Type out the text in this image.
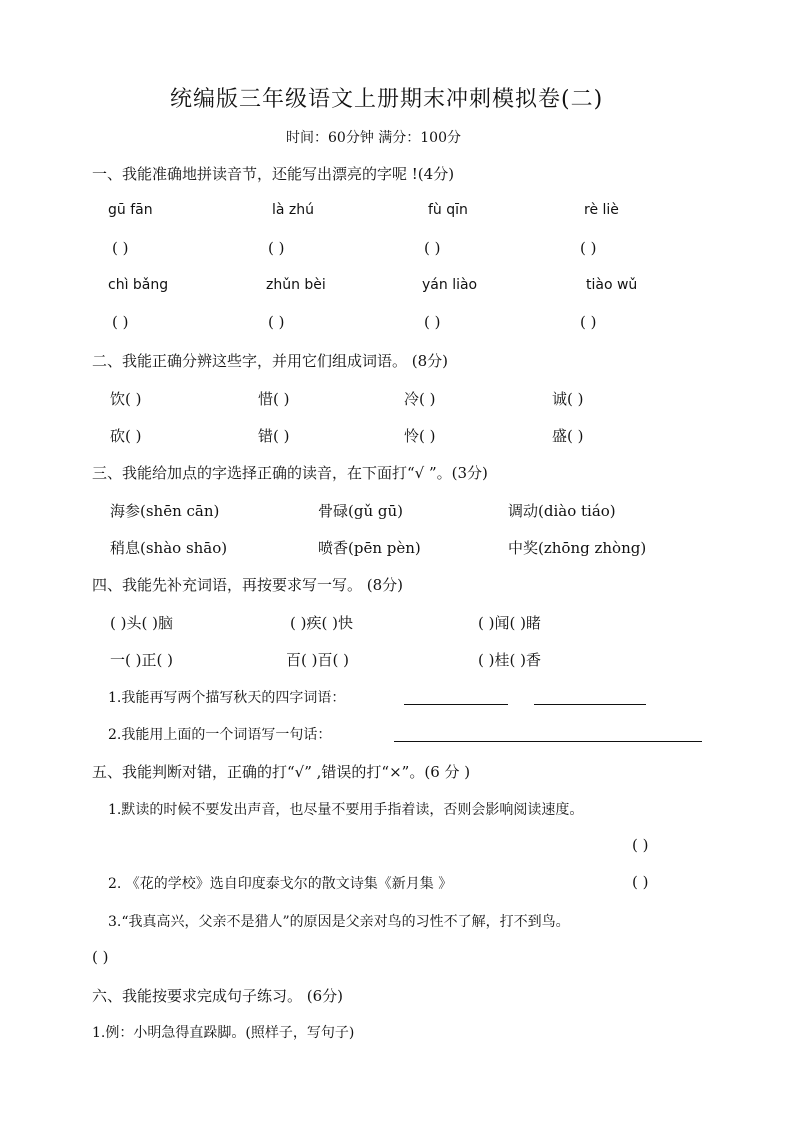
统编版三年级语文上册期末冲刺模拟卷(二)
时间：60分钟 满分：100分
一、我能准确地拼读音节，还能写出漂亮的字呢 !(4分)
gū fān	là zhú	fù qīn	rè liè
( )	( )	( )	( )
chì bǎng	zhǔn bèi	yán liào	tiào wǔ
( )	( )	( )	( )
二、我能正确分辨这些字，并用它们组成词语。 (8分)
饮( )	惜( )	冷( )	诚( )
砍( )	错( )	怜( )	盛( )
三、我能给加点的字选择正确的读音，在下面打“√ ”。(3分)
海参(shēn cān)	骨碌(gǔ gū)	调动(diào tiáo)
稍息(shào shāo)	喷香(pēn pèn)	中奖(zhōng zhòng)
四、我能先补充词语，再按要求写一写。 (8分)
( )头( )脑	( )疾( )快	( )闻( )睹
一( )正( )	百( )百( )	( )桂( )香
1.我能再写两个描写秋天的四字词语：
2.我能用上面的一个词语写一句话：
五、我能判断对错，正确的打“√” ,错误的打“×”。(6 分 )
1.默读的时候不要发出声音，也尽量不要用手指着读，否则会影响阅读速度。
( )
2. 《花的学校》选自印度泰戈尔的散文诗集《新月集 》	( )
3.“我真高兴，父亲不是猎人”的原因是父亲对鸟的习性不了解，打不到鸟。
( )
六、我能按要求完成句子练习。 (6分)
1.例：小明急得直跺脚。(照样子，写句子)
